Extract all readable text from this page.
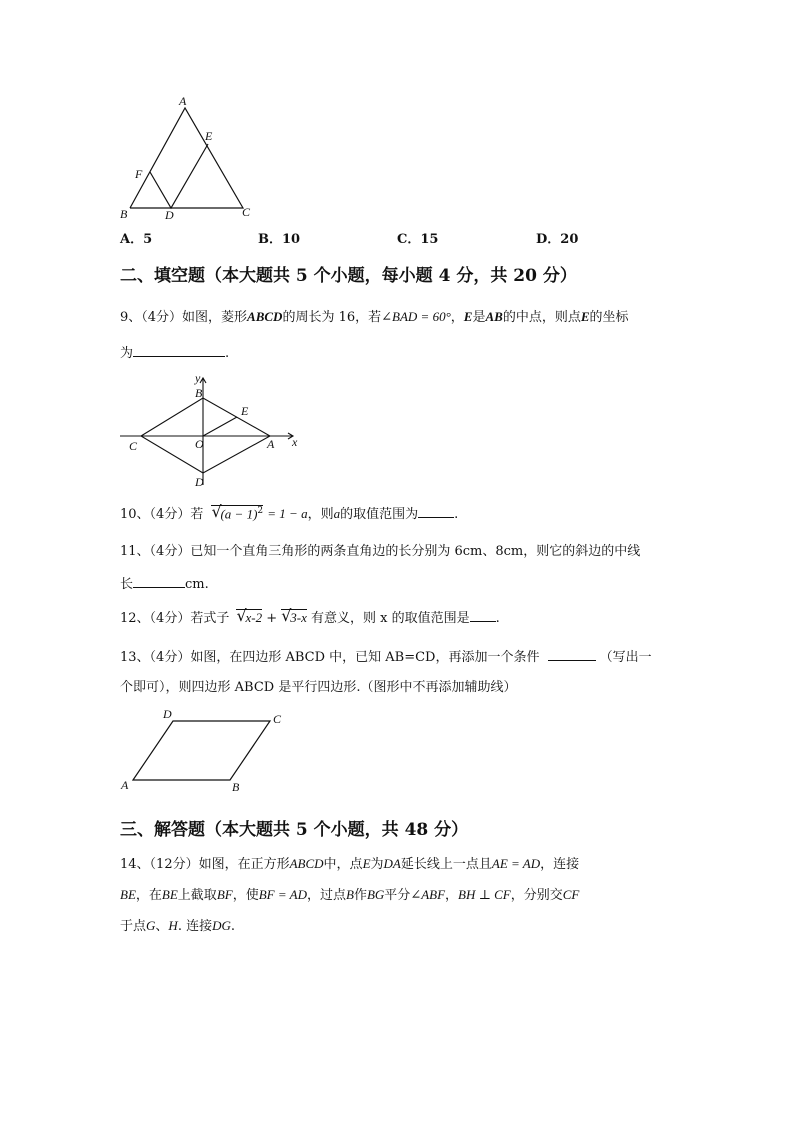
A
E
F
B	D	C
A．5	B．10	C．15	D．20
二、填空题（本大题共 5 个小题，每小题 4 分，共 20 分）
9、（4分）如图，菱形ABCD的周长为 16，若∠BAD = 60°，E是AB的中点，则点E的坐标
为	.
y
B
E
C	O	A x
D
10、（4分）若 √
$(a - 1)^2 = 1 - a$，则a的取值范围为	.
11、（4分）已知一个直角三角形的两条直角边的长分别为 6cm、8cm，则它的斜边的中线
长	cm.
12、（4分）若式子 √
x-2 + √
3-x 有意义，则 x 的取值范围是 .
13、（4分）如图，在四边形 ABCD 中，已知 AB=CD，再添加一个条件	（写出一
个即可），则四边形 ABCD 是平行四边形.（图形中不再添加辅助线）
D	C
A	B
三、解答题（本大题共 5 个小题，共 48 分）
14、（12分）如图，在正方形ABCD中，点E为DA延长线上一点且AE = AD，连接
BE，在BE上截取BF，使BF = AD，过点B作BG平分∠ABF，BH ⊥ CF，分别交CF
于点G、H. 连接DG.
